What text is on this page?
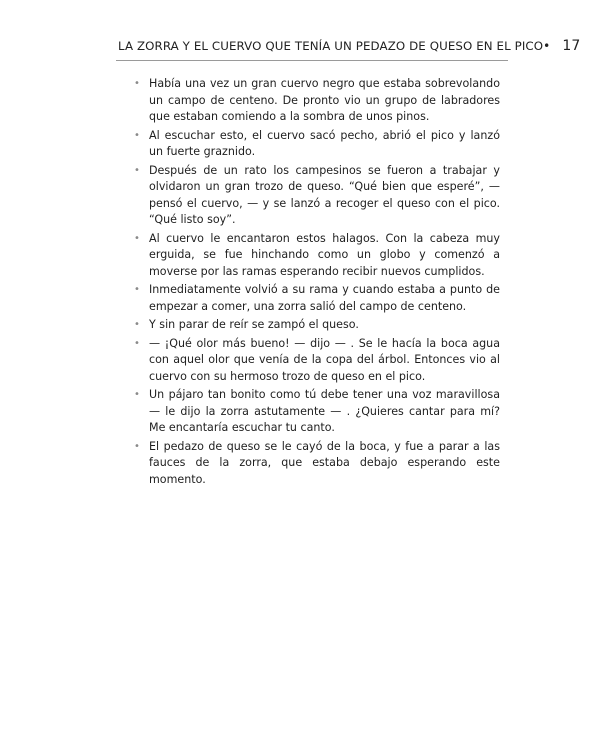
LA ZORRA Y EL CUERVO QUE TENÍA UN PEDAZO DE QUESO EN EL PICO • 17
• Había una vez un gran cuervo negro que estaba sobrevolando un campo de centeno. De pronto vio un grupo de labradores que estaban comiendo a la sombra de unos pinos.
• Al escuchar esto, el cuervo sacó pecho, abrió el pico y lanzó un fuerte graznido.
• Después de un rato los campesinos se fueron a trabajar y olvidaron un gran trozo de queso. “Qué bien que esperé”, — pensó el cuervo, — y se lanzó a recoger el queso con el pico. “Qué listo soy”.
• Al cuervo le encantaron estos halagos. Con la cabeza muy erguida, se fue hinchando como un globo y comenzó a moverse por las ramas esperando recibir nuevos cumplidos.
• Inmediatamente volvió a su rama y cuando estaba a punto de empezar a comer, una zorra salió del campo de centeno.
• Y sin parar de reír se zampó el queso.
• — ¡Qué olor más bueno! — dijo — . Se le hacía la boca agua con aquel olor que venía de la copa del árbol. Entonces vio al cuervo con su hermoso trozo de queso en el pico.
• Un pájaro tan bonito como tú debe tener una voz maravillosa — le dijo la zorra astutamente — . ¿Quieres cantar para mí? Me encantaría escuchar tu canto.
• El pedazo de queso se le cayó de la boca, y fue a parar a las fauces de la zorra, que estaba debajo esperando este momento.
